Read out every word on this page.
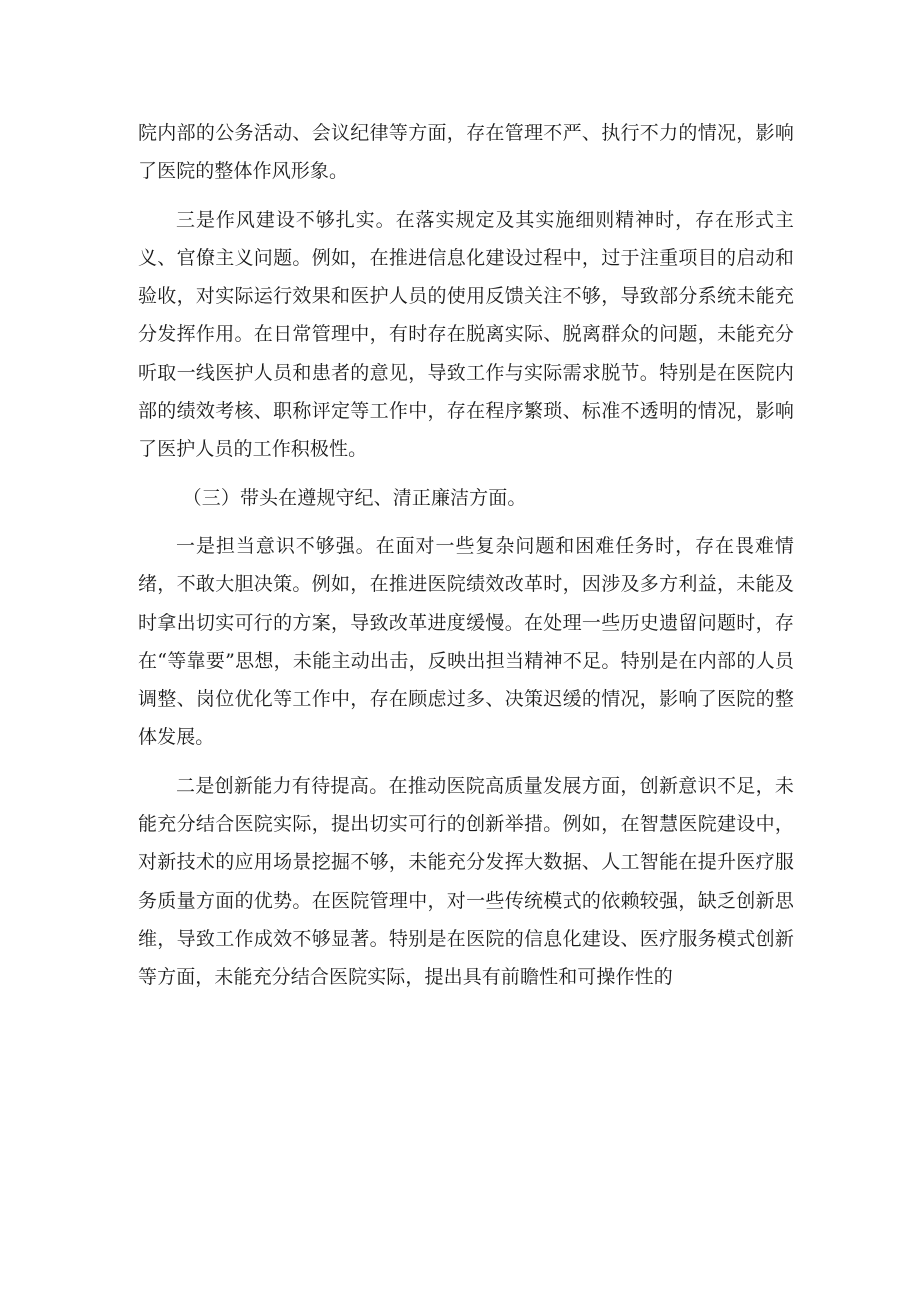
院内部的公务活动、会议纪律等方面，存在管理不严、执行不力的情况，影响了医院的整体作风形象。

三是作风建设不够扎实。在落实规定及其实施细则精神时，存在形式主义、官僚主义问题。例如，在推进信息化建设过程中，过于注重项目的启动和验收，对实际运行效果和医护人员的使用反馈关注不够，导致部分系统未能充分发挥作用。在日常管理中，有时存在脱离实际、脱离群众的问题，未能充分听取一线医护人员和患者的意见，导致工作与实际需求脱节。特别是在医院内部的绩效考核、职称评定等工作中，存在程序繁琐、标准不透明的情况，影响了医护人员的工作积极性。

（三）带头在遵规守纪、清正廉洁方面。

一是担当意识不够强。在面对一些复杂问题和困难任务时，存在畏难情绪，不敢大胆决策。例如，在推进医院绩效改革时，因涉及多方利益，未能及时拿出切实可行的方案，导致改革进度缓慢。在处理一些历史遗留问题时，存在“等靠要”思想，未能主动出击，反映出担当精神不足。特别是在内部的人员调整、岗位优化等工作中，存在顾虑过多、决策迟缓的情况，影响了医院的整体发展。

二是创新能力有待提高。在推动医院高质量发展方面，创新意识不足，未能充分结合医院实际，提出切实可行的创新举措。例如，在智慧医院建设中，对新技术的应用场景挖掘不够，未能充分发挥大数据、人工智能在提升医疗服务质量方面的优势。在医院管理中，对一些传统模式的依赖较强，缺乏创新思维，导致工作成效不够显著。特别是在医院的信息化建设、医疗服务模式创新等方面，未能充分结合医院实际，提出具有前瞻性和可操作性的
